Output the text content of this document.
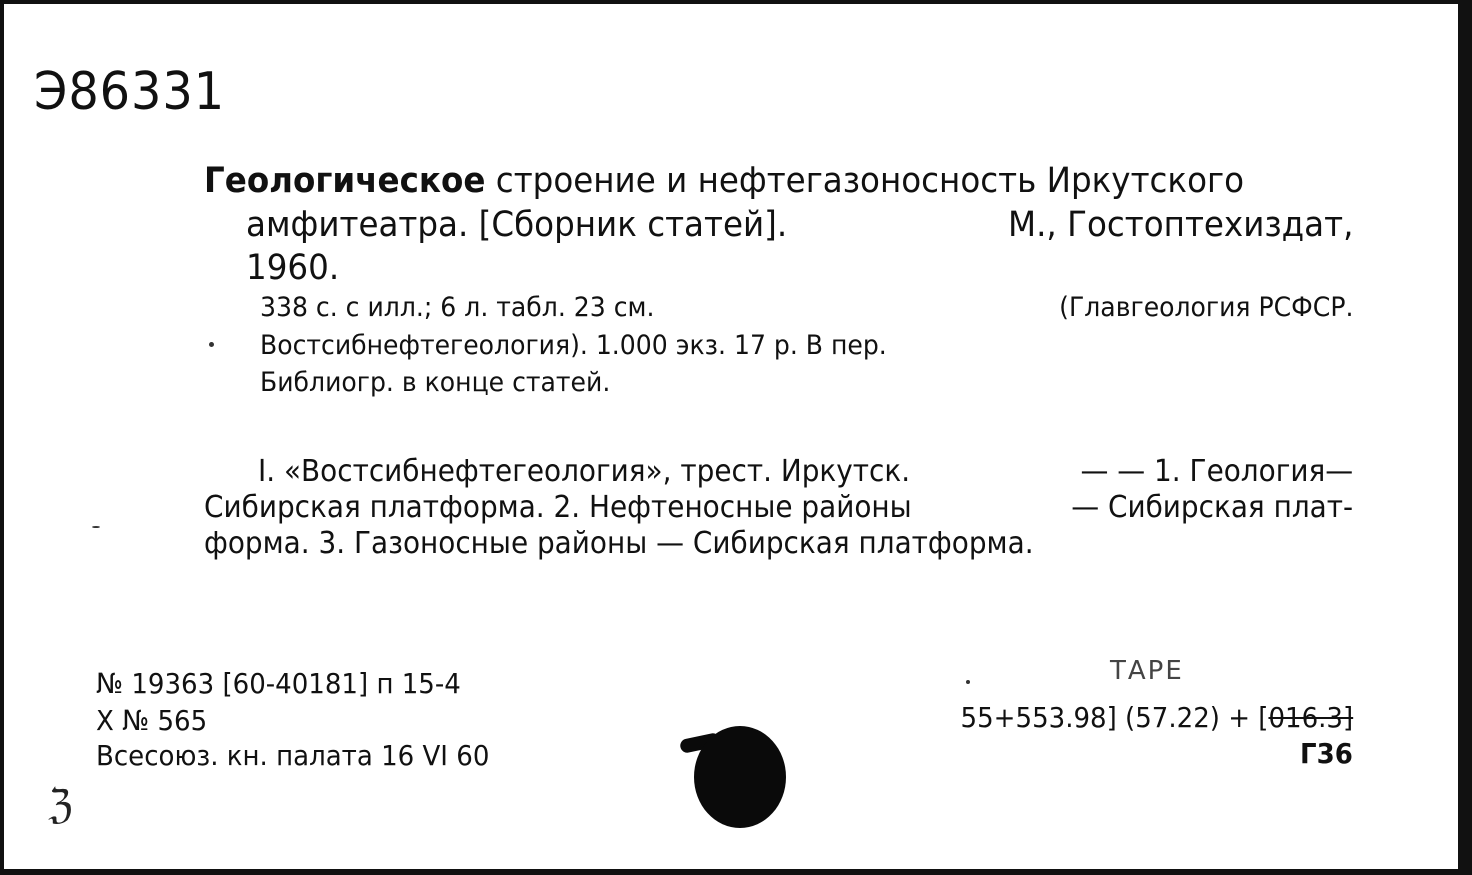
Э86331
Геологическое строение и нефтегазоносность Иркутского
амфитеатра. [Сборник статей].	М., Гостоптехиздат,
1960.
338 с. с илл.; 6 л. табл. 23 см.	(Главгеология РСФСР.
Востсибнефтегеология). 1.000 экз. 17 р. В пер.
Библиогр. в конце статей.
I. «Востсибнефтегеология», трест. Иркутск.	— — 1. Геология—
Сибирская платформа. 2. Нефтеносные районы	— Сибирская плат-
форма. 3. Газоносные районы — Сибирская платформа.
№ 19363 [60-40181] п 15-4
Х № 565
Всесоюз. кн. палата 16 VI 60
ТАРЕ
55+553.98] (57.22) + [016.3]
Г36
ℨ
